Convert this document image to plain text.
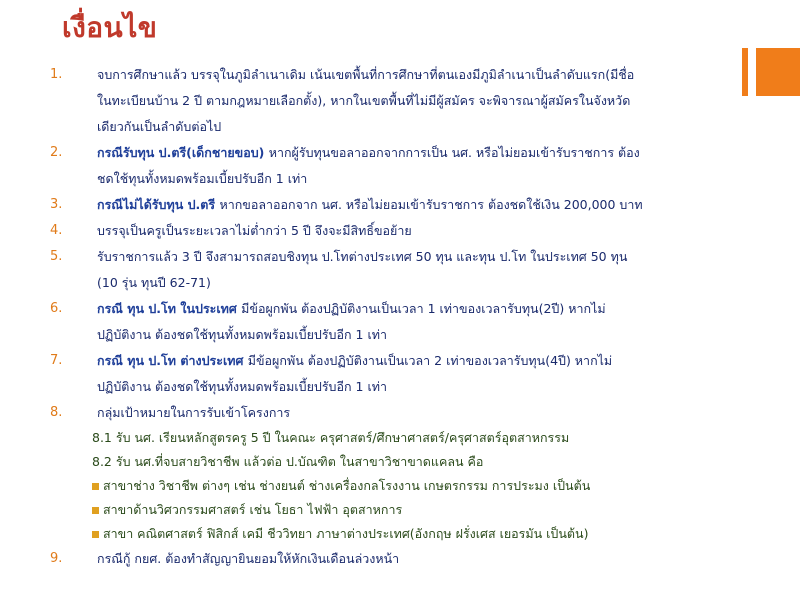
เงื่อนไข
1.	จบการศึกษาแล้ว บรรจุในภูมิลำเนาเดิม เน้นเขตพื้นที่การศึกษาที่ตนเองมีภูมิลำเนาเป็นลำดับแรก(มีชื่อ
ในทะเบียนบ้าน 2 ปี ตามกฎหมายเลือกตั้ง), หากในเขตพื้นที่ไม่มีผู้สมัคร จะพิจารณาผู้สมัครในจังหวัด
เดียวกันเป็นลำดับต่อไป
2.	กรณีรับทุน ป.ตรี(เด็กชายขอบ) หากผู้รับทุนขอลาออกจากการเป็น นศ. หรือไม่ยอมเข้ารับราชการ ต้อง
ชดใช้ทุนทั้งหมดพร้อมเบี้ยปรับอีก 1 เท่า
3.	กรณีไม่ได้รับทุน ป.ตรี หากขอลาออกจาก นศ. หรือไม่ยอมเข้ารับราชการ ต้องชดใช้เงิน 200,000 บาท
4.	บรรจุเป็นครูเป็นระยะเวลาไม่ต่ำกว่า 5 ปี จึงจะมีสิทธิ์ขอย้าย
5.	รับราชการแล้ว 3 ปี จึงสามารถสอบชิงทุน ป.โทต่างประเทศ 50 ทุน และทุน ป.โท ในประเทศ 50 ทุน
(10 รุ่น ทุนปี 62-71)
6.	กรณี ทุน ป.โท ในประเทศ มีข้อผูกพัน ต้องปฏิบัติงานเป็นเวลา 1 เท่าของเวลารับทุน(2ปี) หากไม่
ปฏิบัติงาน ต้องชดใช้ทุนทั้งหมดพร้อมเบี้ยปรับอีก 1 เท่า
7.	กรณี ทุน ป.โท ต่างประเทศ มีข้อผูกพัน ต้องปฏิบัติงานเป็นเวลา 2 เท่าของเวลารับทุน(4ปี) หากไม่
ปฏิบัติงาน ต้องชดใช้ทุนทั้งหมดพร้อมเบี้ยปรับอีก 1 เท่า
8.	กลุ่มเป้าหมายในการรับเข้าโครงการ
8.1 รับ นศ. เรียนหลักสูตรครู 5 ปี ในคณะ ครุศาสตร์/ศึกษาศาสตร์/ครุศาสตร์อุตสาหกรรม
8.2 รับ นศ.ที่จบสายวิชาชีพ แล้วต่อ ป.บัณฑิต ในสาขาวิชาขาดแคลน คือ
สาขาช่าง วิชาชีพ ต่างๆ เช่น ช่างยนต์ ช่างเครื่องกลโรงงาน เกษตรกรรม การประมง เป็นต้น
สาขาด้านวิศวกรรมศาสตร์ เช่น โยธา ไฟฟ้า อุตสาหการ
สาขา คณิตศาสตร์ ฟิสิกส์ เคมี ชีววิทยา ภาษาต่างประเทศ(อังกฤษ ฝรั่งเศส เยอรมัน เป็นต้น)
9.	กรณีกู้ กยศ. ต้องทำสัญญายินยอมให้หักเงินเดือนล่วงหน้า
